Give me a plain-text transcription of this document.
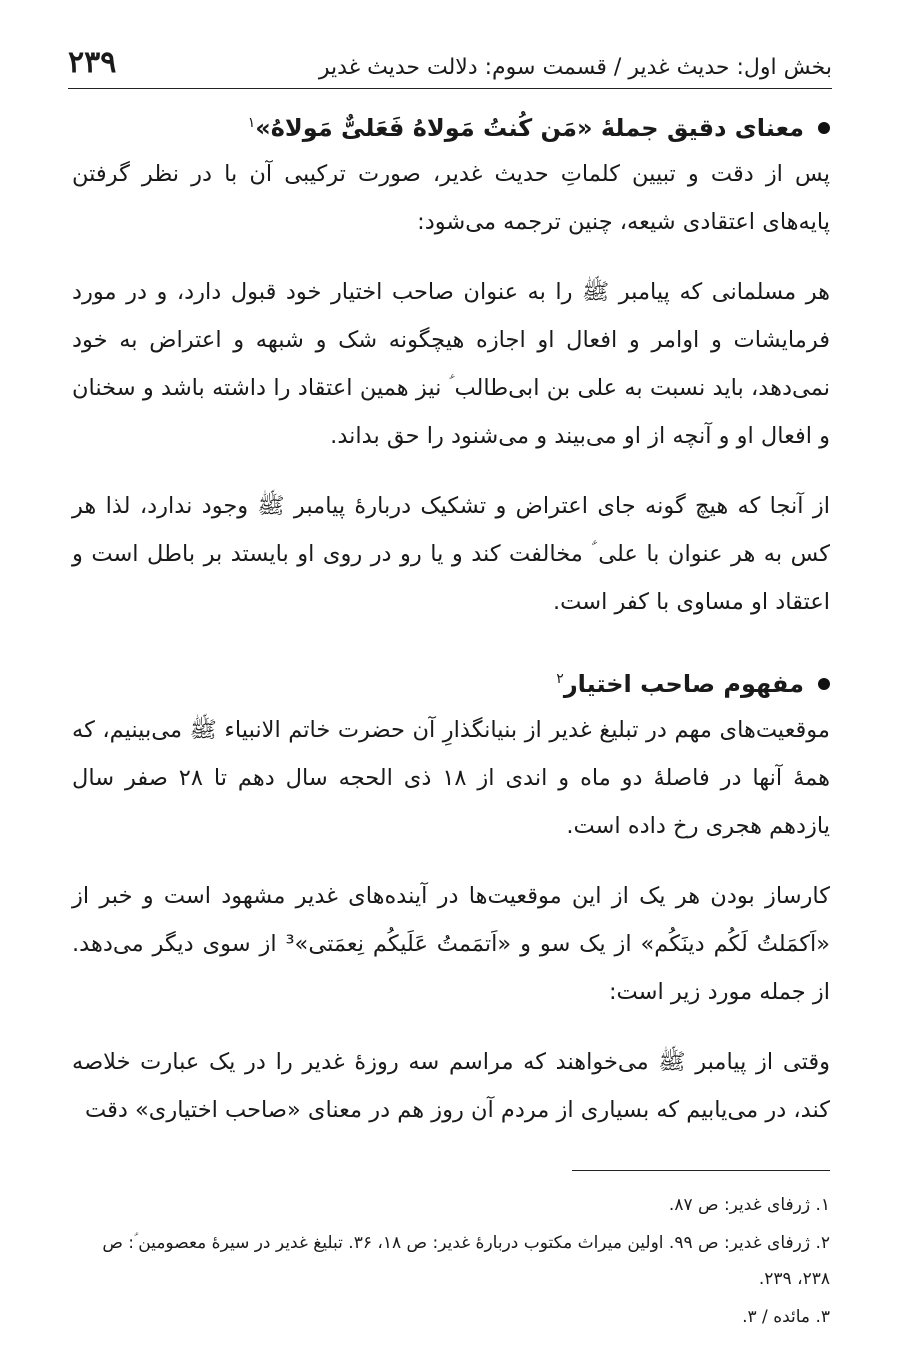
بخش اول: حدیث غدیر / قسمت سوم: دلالت حدیث غدیر
۲۳۹
معنای دقیق جملهٔ «مَن کُنتُ مَولاهُ فَعَلیٌّ مَولاهُ»$^۱$

پس از دقت و تبیین کلماتِ حدیث غدیر، صورت ترکیبی آن با در نظر گرفتن پایه‌های اعتقادی شیعه، چنین ترجمه می‌شود:

هر مسلمانی که پیامبر ﷺ را به عنوان صاحب اختیار خود قبول دارد، و در مورد فرمایشات و اوامر و افعال او اجازه هیچگونه شک و شبهه و اعتراض به خود نمی‌دهد، باید نسبت به علی بن ابی‌طالب ؑ نیز همین اعتقاد را داشته باشد و سخنان و افعال او و آنچه از او می‌بیند و می‌شنود را حق بداند.

از آنجا که هیچ گونه جای اعتراض و تشکیک دربارهٔ پیامبر ﷺ وجود ندارد، لذا هر کس به هر عنوان با علی ؑ مخالفت کند و یا رو در روی او بایستد بر باطل است و اعتقاد او مساوی با کفر است.

مفهوم صاحب اختیار$^۲$

موقعیت‌های مهم در تبلیغ غدیر از بنیانگذارِ آن حضرت خاتم الانبیاء ﷺ می‌بینیم، که همهٔ آنها در فاصلهٔ دو ماه و اندی از ۱۸ ذی الحجه سال دهم تا ۲۸ صفر سال یازدهم هجری رخ داده است.

کارساز بودن هر یک از این موقعیت‌ها در آینده‌های غدیر مشهود است و خبر از «اَکمَلتُ لَکُم دینَکُم» از یک سو و «اَتمَمتُ عَلَیکُم نِعمَتی»³ از سوی دیگر می‌دهد. از جمله مورد زیر است:

وقتی از پیامبر ﷺ می‌خواهند که مراسم سه روزهٔ غدیر را در یک عبارت خلاصه کند، در می‌یابیم که بسیاری از مردم آن روز هم در معنای «صاحب اختیاری» دقت

۱. ژرفای غدیر: ص ۸۷.
۲. ژرفای غدیر: ص ۹۹. اولین میراث مکتوب دربارهٔ غدیر: ص ۱۸، ۳۶. تبلیغ غدیر در سیرهٔ معصومین ؑ: ص ۲۳۸، ۲۳۹.
۳. مائده / ۳.
